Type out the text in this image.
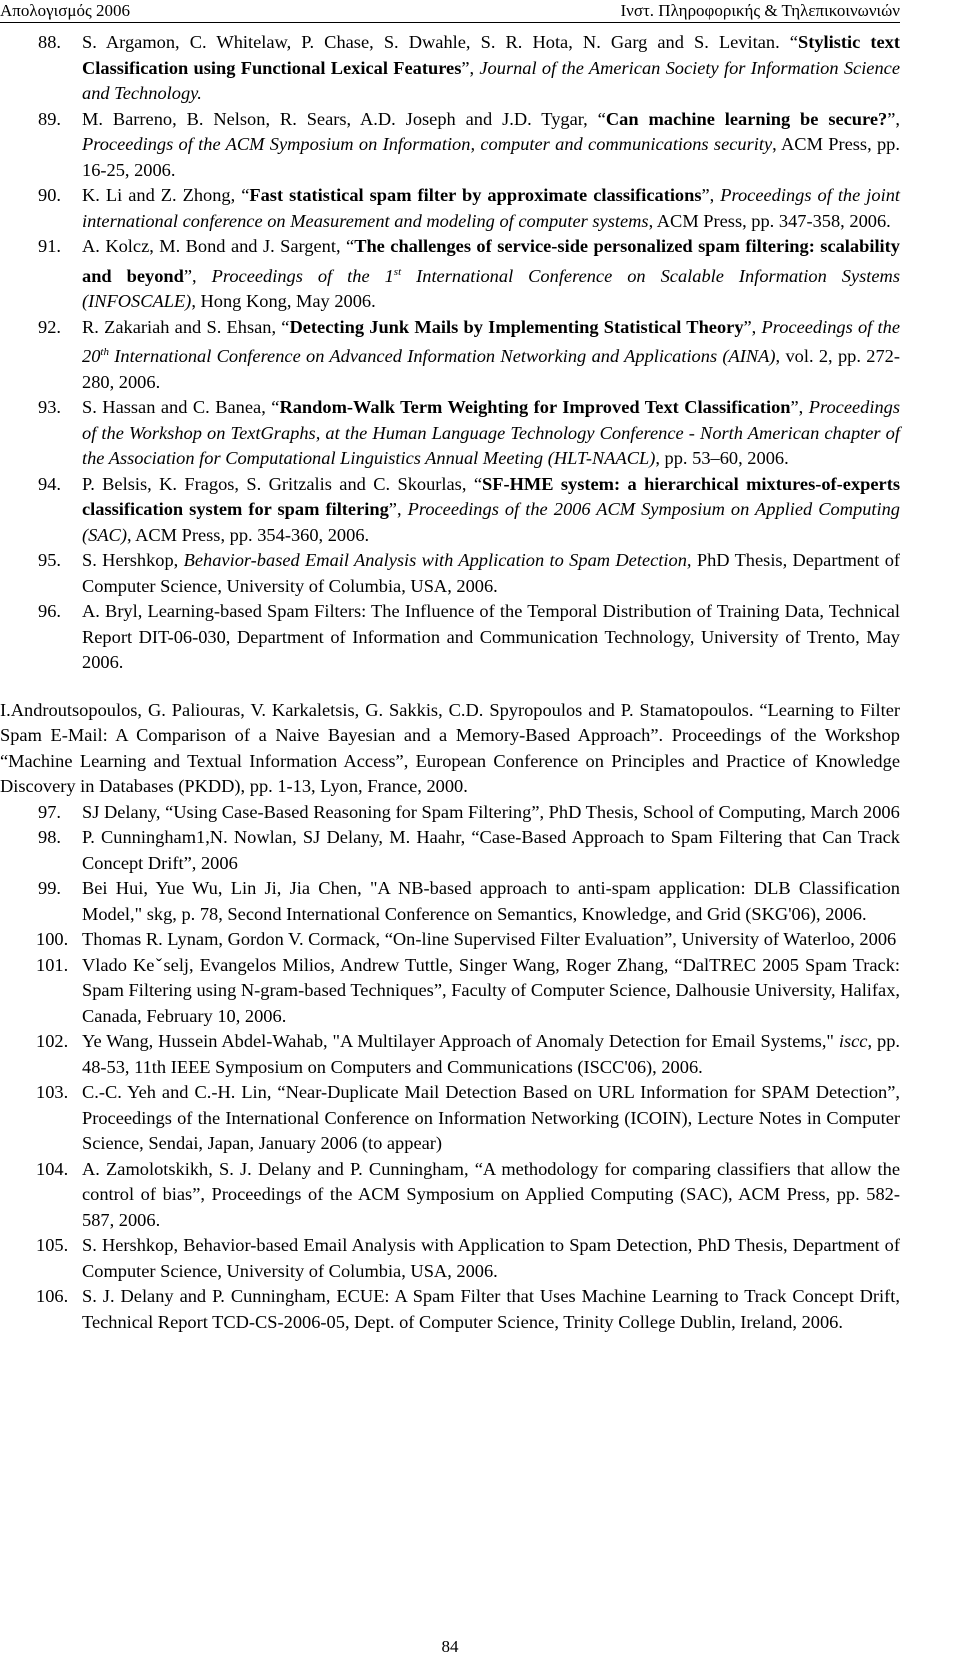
Απολογισμός 2006	Ινστ. Πληροφορικής & Τηλεπικοινωνιών
88. S. Argamon, C. Whitelaw, P. Chase, S. Dwahle, S. R. Hota, N. Garg and S. Levitan. “Stylistic text Classification using Functional Lexical Features”, Journal of the American Society for Information Science and Technology.
89. M. Barreno, B. Nelson, R. Sears, A.D. Joseph and J.D. Tygar, “Can machine learning be secure?”, Proceedings of the ACM Symposium on Information, computer and communications security, ACM Press, pp. 16-25, 2006.
90. K. Li and Z. Zhong, “Fast statistical spam filter by approximate classifications”, Proceedings of the joint international conference on Measurement and modeling of computer systems, ACM Press, pp. 347-358, 2006.
91. A. Kolcz, M. Bond and J. Sargent, “The challenges of service-side personalized spam filtering: scalability and beyond”, Proceedings of the 1st International Conference on Scalable Information Systems (INFOSCALE), Hong Kong, May 2006.
92. R. Zakariah and S. Ehsan, “Detecting Junk Mails by Implementing Statistical Theory”, Proceedings of the 20th International Conference on Advanced Information Networking and Applications (AINA), vol. 2, pp. 272-280, 2006.
93. S. Hassan and C. Banea, “Random-Walk Term Weighting for Improved Text Classification”, Proceedings of the Workshop on TextGraphs, at the Human Language Technology Conference - North American chapter of the Association for Computational Linguistics Annual Meeting (HLT-NAACL), pp. 53–60, 2006.
94. P. Belsis, K. Fragos, S. Gritzalis and C. Skourlas, “SF-HME system: a hierarchical mixtures-of-experts classification system for spam filtering”, Proceedings of the 2006 ACM Symposium on Applied Computing (SAC), ACM Press, pp. 354-360, 2006.
95. S. Hershkop, Behavior-based Email Analysis with Application to Spam Detection, PhD Thesis, Department of Computer Science, University of Columbia, USA, 2006.
96. A. Bryl, Learning-based Spam Filters: The Influence of the Temporal Distribution of Training Data, Technical Report DIT-06-030, Department of Information and Communication Technology, University of Trento, May 2006.
I.Androutsopoulos, G. Paliouras, V. Karkaletsis, G. Sakkis, C.D. Spyropoulos and P. Stamatopoulos. “Learning to Filter Spam E-Mail: A Comparison of a Naive Bayesian and a Memory-Based Approach”. Proceedings of the Workshop “Machine Learning and Textual Information Access”, European Conference on Principles and Practice of Knowledge Discovery in Databases (PKDD), pp. 1-13, Lyon, France, 2000.
97. SJ Delany, “Using Case-Based Reasoning for Spam Filtering”, PhD Thesis, School of Computing, March 2006
98. P. Cunningham1,N. Nowlan, SJ Delany, M. Haahr, “Case-Based Approach to Spam Filtering that Can Track Concept Drift”, 2006
99. Bei Hui, Yue Wu, Lin Ji, Jia Chen, "A NB-based approach to anti-spam application: DLB Classification Model," skg, p. 78, Second International Conference on Semantics, Knowledge, and Grid (SKG'06), 2006.
100. Thomas R. Lynam, Gordon V. Cormack, “On-line Supervised Filter Evaluation”, University of Waterloo, 2006
101. Vlado Keˇselj, Evangelos Milios, Andrew Tuttle, Singer Wang, Roger Zhang, “DalTREC 2005 Spam Track: Spam Filtering using N-gram-based Techniques”, Faculty of Computer Science, Dalhousie University, Halifax, Canada, February 10, 2006.
102. Ye Wang, Hussein Abdel-Wahab, "A Multilayer Approach of Anomaly Detection for Email Systems," iscc, pp. 48-53, 11th IEEE Symposium on Computers and Communications (ISCC'06), 2006.
103. C.-C. Yeh and C.-H. Lin, “Near-Duplicate Mail Detection Based on URL Information for SPAM Detection”, Proceedings of the International Conference on Information Networking (ICOIN), Lecture Notes in Computer Science, Sendai, Japan, January 2006 (to appear)
104. A. Zamolotskikh, S. J. Delany and P. Cunningham, “A methodology for comparing classifiers that allow the control of bias”, Proceedings of the ACM Symposium on Applied Computing (SAC), ACM Press, pp. 582-587, 2006.
105. S. Hershkop, Behavior-based Email Analysis with Application to Spam Detection, PhD Thesis, Department of Computer Science, University of Columbia, USA, 2006.
106. S. J. Delany and P. Cunningham, ECUE: A Spam Filter that Uses Machine Learning to Track Concept Drift, Technical Report TCD-CS-2006-05, Dept. of Computer Science, Trinity College Dublin, Ireland, 2006.
84
